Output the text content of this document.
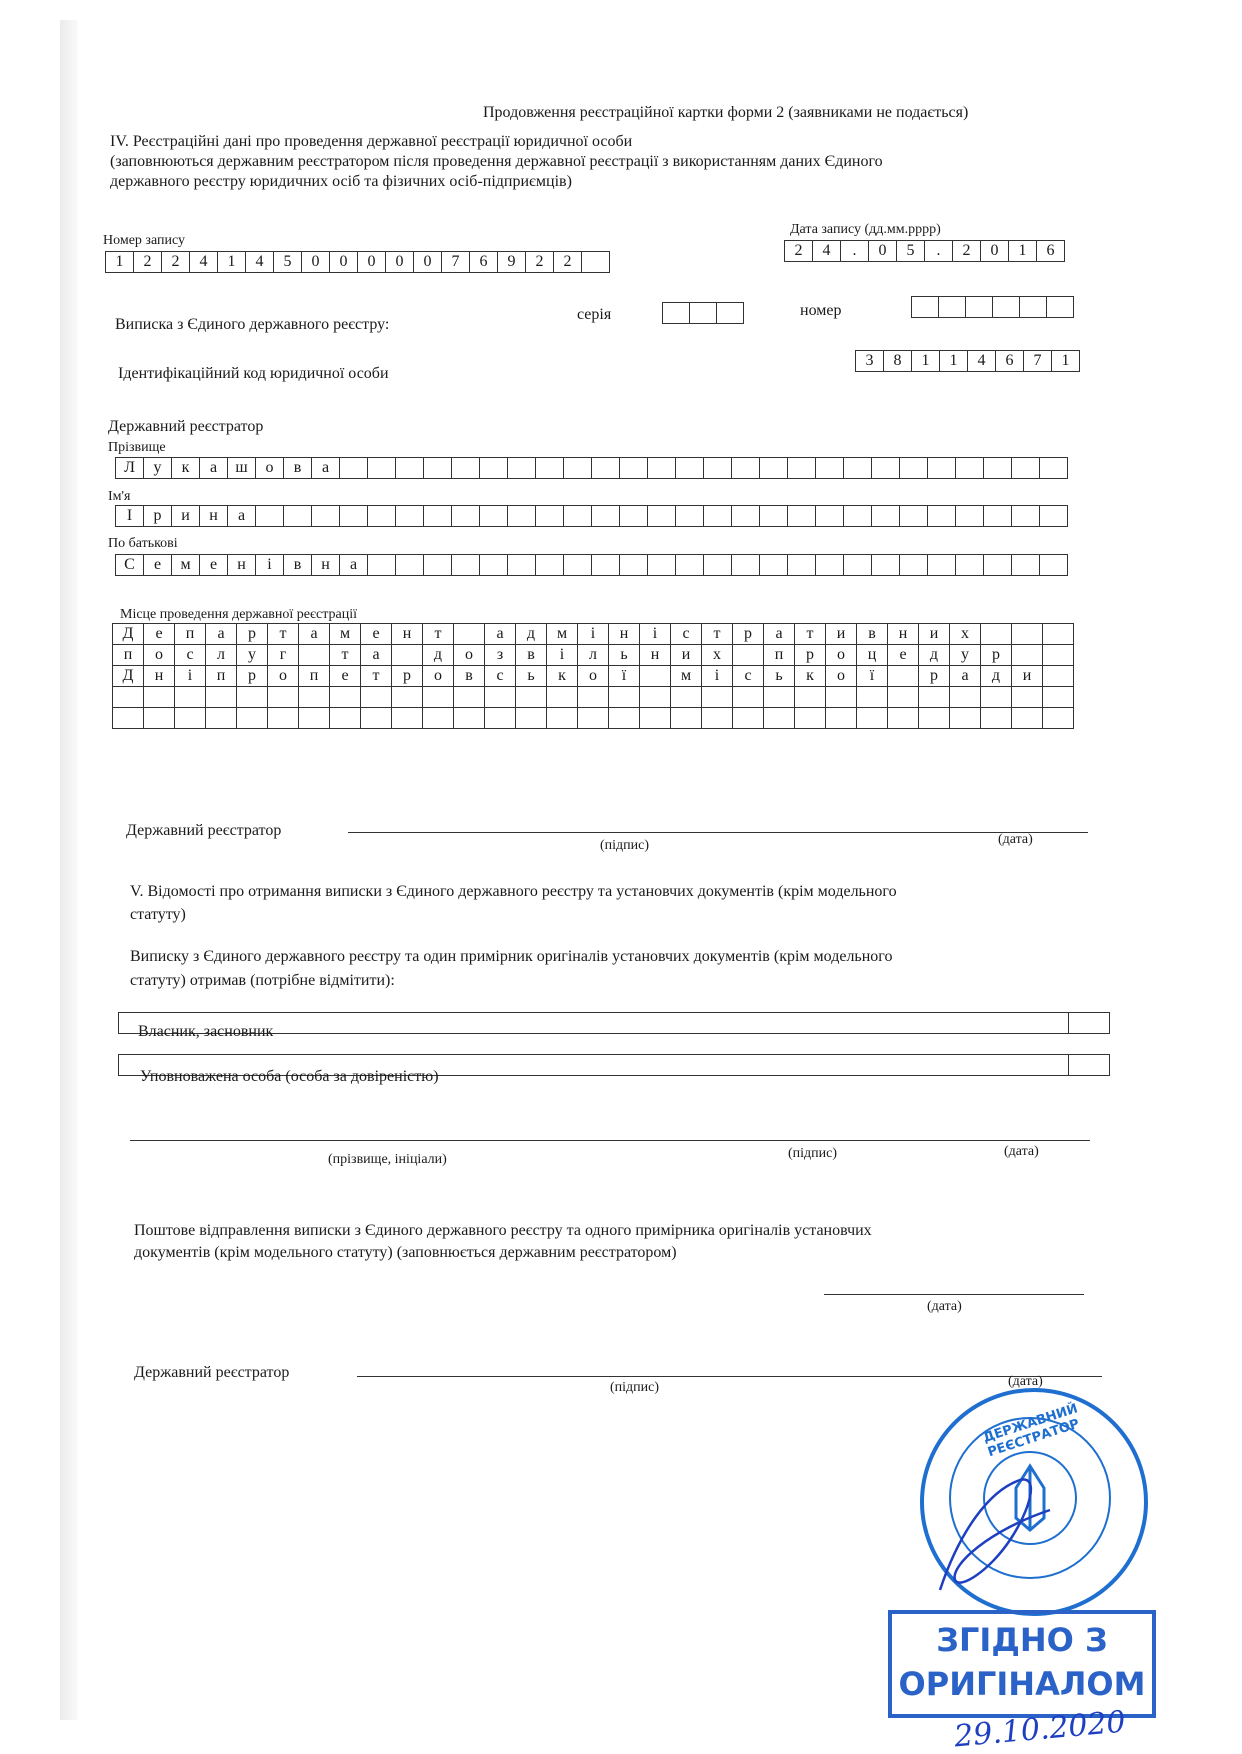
Продовження реєстраційної картки форми 2 (заявниками не подається)
IV. Реєстраційні дані про проведення державної реєстрації юридичної особи
(заповнюються державним реєстратором після проведення державної реєстрації з використанням даних Єдиного
державного реєстру юридичних осіб та фізичних осіб-підприємців)
Номер запису
1	2	2	4	1	4	5	0	0	0	0	0	7	6	9	2	2
Дата запису (дд.мм.рррр)
2	4	.	0	5	.	2	0	1	6
Виписка з Єдиного державного реєстру:
серія	номер
Ідентифікаційний код юридичної особи
3	8	1	1	4	6	7	1
Державний реєстратор
Прізвище
Л	у	к	а	ш	о	в	а
Ім'я
І	р	и	н	а
По батькові
С	е	м	е	н	і	в	н	а
Місце проведення державної реєстрації
Д	е	п	а	р	т	а	м	е	н	т		а	д	м	і	н	і	с	т	р	а	т	и	в	н	и	х			
п	о	с	л	у	г		т	а		д	о	з	в	і	л	ь	н	и	х		п	р	о	ц	е	д	у	р		
Д	н	і	п	р	о	п	е	т	р	о	в	с	ь	к	о	ї		м	і	с	ь	к	о	ї		р	а	д	и	

Державний реєстратор
(підпис)	(дата)
V. Відомості про отримання виписки з Єдиного державного реєстру та установчих документів (крім модельного
статуту)
Виписку з Єдиного державного реєстру та один примірник оригіналів установчих документів (крім модельного
статуту) отримав (потрібне відмітити):
Власник, засновник
Уповноважена особа (особа за довіреністю)
(прізвище, ініціали)	(підпис)	(дата)
Поштове відправлення виписки з Єдиного державного реєстру та одного примірника оригіналів установчих
документів (крім модельного статуту) (заповнюється державним реєстратором)
(дата)
Державний реєстратор
(підпис)	(дата)
ДЕРЖАВНИЙ РЕЄСТРАТОР
ЗГІДНО З
ОРИГІНАЛОМ
29.10.2020
